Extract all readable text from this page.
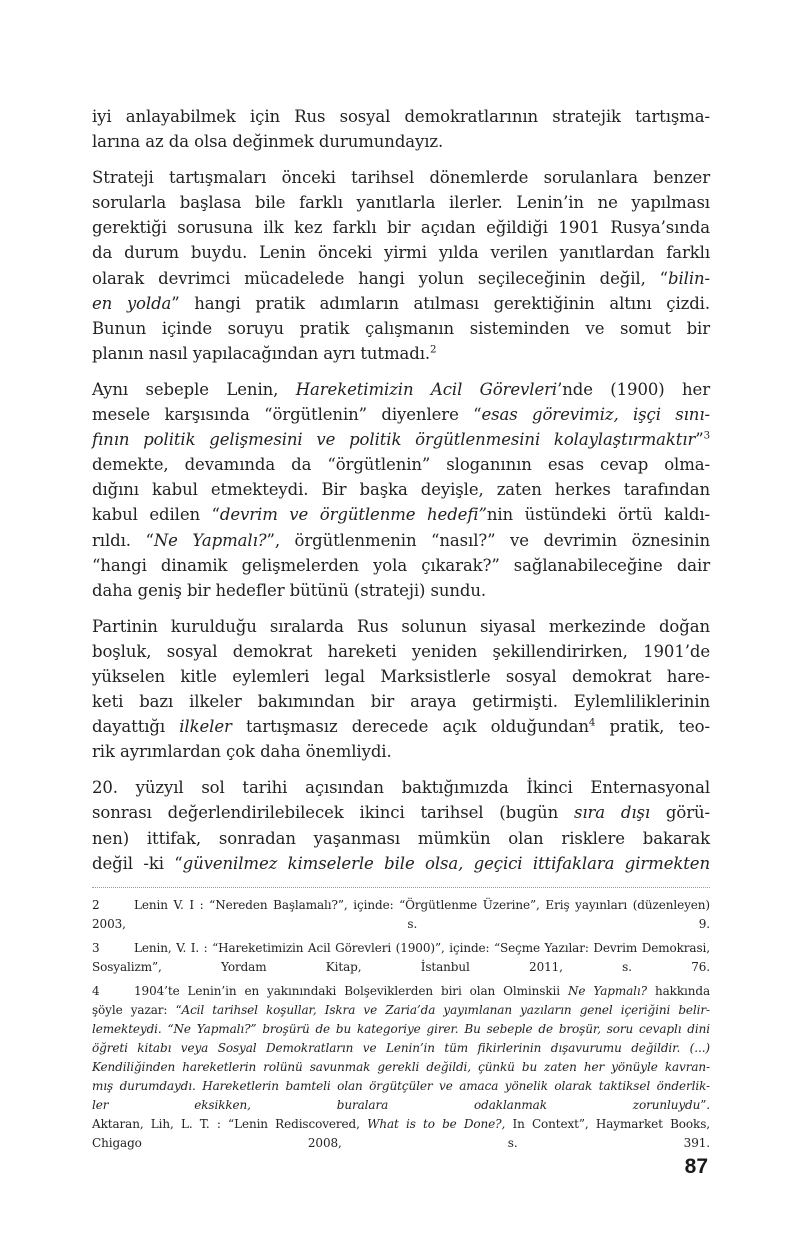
iyi anlayabilmek için Rus sosyal demokratlarının stratejik tartışma-
larına az da olsa değinmek durumundayız.
Strateji tartışmaları önceki tarihsel dönemlerde sorulanlara benzer
sorularla başlasa bile farklı yanıtlarla ilerler. Lenin’in ne yapılması
gerektiği sorusuna ilk kez farklı bir açıdan eğildiği 1901 Rusya’sında
da durum buydu. Lenin önceki yirmi yılda verilen yanıtlardan farklı
olarak devrimci mücadelede hangi yolun seçileceğinin değil, “bilin-
en yolda” hangi pratik adımların atılması gerektiğinin altını çizdi.
Bunun içinde soruyu pratik çalışmanın sisteminden ve somut bir
planın nasıl yapılacağından ayrı tutmadı.$^2$
Aynı sebeple Lenin, Hareketimizin Acil Görevleri’nde (1900) her
mesele karşısında “örgütlenin” diyenlere “esas görevimiz, işçi sını-
fının politik gelişmesini ve politik örgütlenmesini kolaylaştırmaktır”$^3$
demekte, devamında da “örgütlenin” sloganının esas cevap olma-
dığını kabul etmekteydi. Bir başka deyişle, zaten herkes tarafından
kabul edilen “devrim ve örgütlenme hedefi”nin üstündeki örtü kaldı-
rıldı. “Ne Yapmalı?”, örgütlenmenin “nasıl?” ve devrimin öznesinin
“hangi dinamik gelişmelerden yola çıkarak?” sağlanabileceğine dair
daha geniş bir hedefler bütünü (strateji) sundu.
Partinin kurulduğu sıralarda Rus solunun siyasal merkezinde doğan
boşluk, sosyal demokrat hareketi yeniden şekillendirirken, 1901’de
yükselen kitle eylemleri legal Marksistlerle sosyal demokrat hare-
keti bazı ilkeler bakımından bir araya getirmişti. Eylemliliklerinin
dayattığı ilkeler tartışmasız derecede açık olduğundan$^4$ pratik, teo-
rik ayrımlardan çok daha önemliydi.
20. yüzyıl sol tarihi açısından baktığımızda İkinci Enternasyonal
sonrası değerlendirilebilecek ikinci tarihsel (bugün sıra dışı görü-
nen) ittifak, sonradan yaşanması mümkün olan risklere bakarak
değil -ki “güvenilmez kimselerle bile olsa, geçici ittifaklara girmekten
2	Lenin V. I : “Nereden Başlamalı?”, içinde: “Örgütlenme Üzerine”, Eriş yayınları (düzenleyen)
2003, s. 9.
3	Lenin, V. I. : “Hareketimizin Acil Görevleri (1900)”, içinde: “Seçme Yazılar: Devrim Demokrasi,
Sosyalizm”, Yordam Kitap, İstanbul 2011, s. 76.
4	1904’te Lenin’in en yakınındaki Bolşeviklerden biri olan Olminskii Ne Yapmalı? hakkında
şöyle yazar: “Acil tarihsel koşullar, Iskra ve Zaria’da yayımlanan yazıların genel içeriğini belir-
lemekteydi. “Ne Yapmalı?” broşürü de bu kategoriye girer. Bu sebeple de broşür, soru cevaplı dini
öğreti kitabı veya Sosyal Demokratların ve Lenin’in tüm fikirlerinin dışavurumu değildir. (...)
Kendiliğinden hareketlerin rolünü savunmak gerekli değildi, çünkü bu zaten her yönüyle kavran-
mış durumdaydı. Hareketlerin bamteli olan örgütçüler ve amaca yönelik olarak taktiksel önderlik-
ler eksikken, buralara odaklanmak zorunluydu”.
Aktaran, Lih, L. T. : “Lenin Rediscovered, What is to be Done?, In Context”, Haymarket Books,
Chigago 2008, s. 391.
87
